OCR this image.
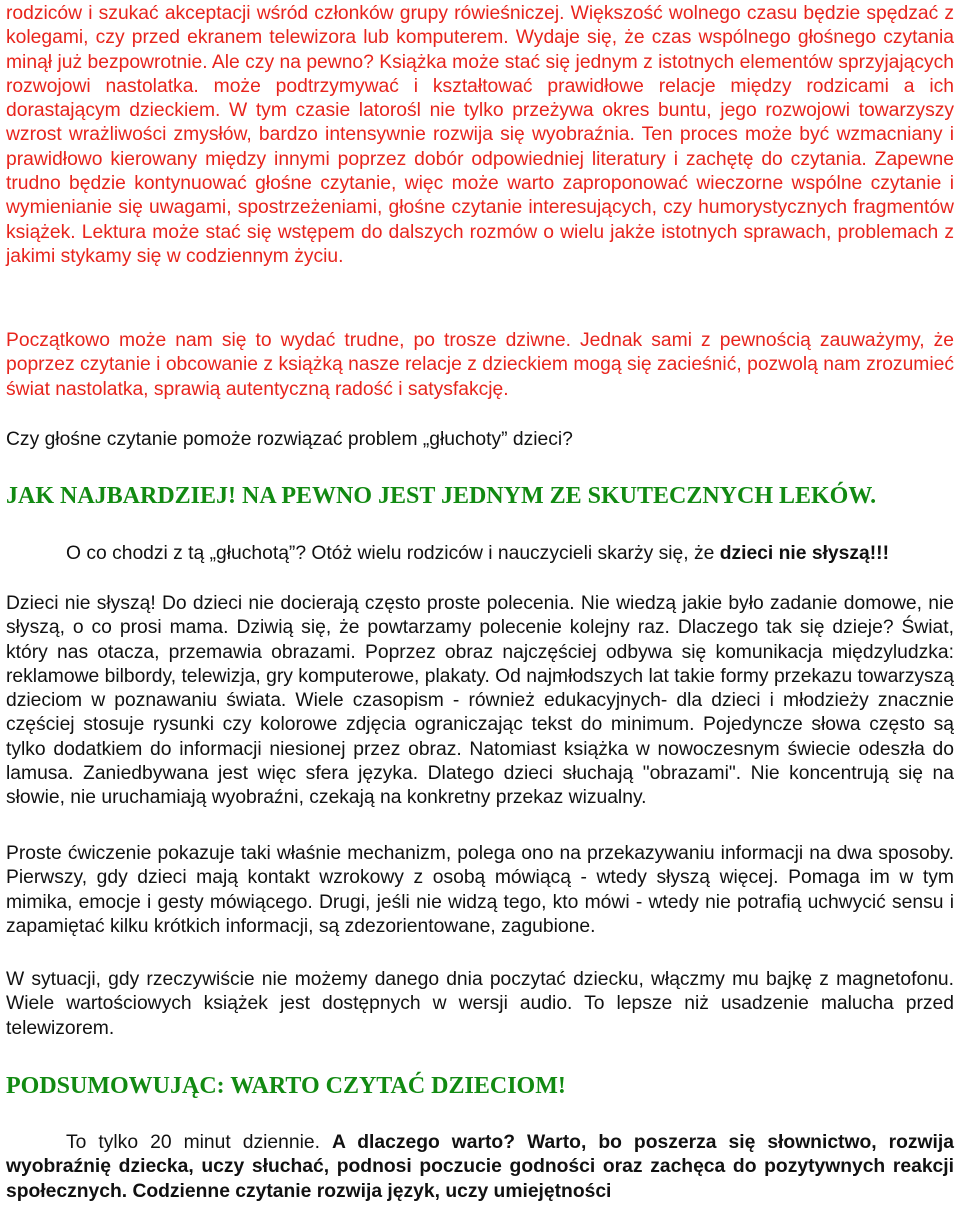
rodziców i szukać akceptacji wśród członków grupy rówieśniczej. Większość wolnego czasu będzie spędzać z kolegami, czy przed ekranem telewizora lub komputerem. Wydaje się, że czas wspólnego głośnego czytania minął już bezpowrotnie. Ale czy na pewno? Książka może stać się jednym z istotnych elementów sprzyjających rozwojowi nastolatka. może podtrzymywać i kształtować prawidłowe relacje między rodzicami a ich dorastającym dzieckiem. W tym czasie latorośl nie tylko przeżywa okres buntu, jego rozwojowi towarzyszy wzrost wrażliwości zmysłów, bardzo intensywnie rozwija się wyobraźnia. Ten proces może być wzmacniany i prawidłowo kierowany między innymi poprzez dobór odpowiedniej literatury i zachętę do czytania. Zapewne trudno będzie kontynuować głośne czytanie, więc może warto zaproponować wieczorne wspólne czytanie i wymienianie się uwagami, spostrzeżeniami, głośne czytanie interesujących, czy humorystycznych fragmentów książek. Lektura może stać się wstępem do dalszych rozmów o wielu jakże istotnych sprawach, problemach z jakimi stykamy się w codziennym życiu.

Początkowo może nam się to wydać trudne, po trosze dziwne. Jednak sami z pewnością zauważymy, że poprzez czytanie i obcowanie z książką nasze relacje z dzieckiem mogą się zacieśnić, pozwolą nam zrozumieć świat nastolatka, sprawią autentyczną radość i satysfakcję.

Czy głośne czytanie pomoże rozwiązać problem „głuchoty” dzieci?

JAK NAJBARDZIEJ! NA PEWNO JEST JEDNYM ZE SKUTECZNYCH LEKÓW.

O co chodzi z tą „głuchotą”? Otóż wielu rodziców i nauczycieli skarży się, że dzieci nie słyszą!!!

Dzieci nie słyszą! Do dzieci nie docierają często proste polecenia. Nie wiedzą jakie było zadanie domowe, nie słyszą, o co prosi mama. Dziwią się, że powtarzamy polecenie kolejny raz. Dlaczego tak się dzieje? Świat, który nas otacza, przemawia obrazami. Poprzez obraz najczęściej odbywa się komunikacja międzyludzka: reklamowe bilbordy, telewizja, gry komputerowe, plakaty. Od najmłodszych lat takie formy przekazu towarzyszą dzieciom w poznawaniu świata. Wiele czasopism - również edukacyjnych- dla dzieci i młodzieży znacznie częściej stosuje rysunki czy kolorowe zdjęcia ograniczając tekst do minimum. Pojedyncze słowa często są tylko dodatkiem do informacji niesionej przez obraz. Natomiast książka w nowoczesnym świecie odeszła do lamusa. Zaniedbywana jest więc sfera języka. Dlatego dzieci słuchają "obrazami". Nie koncentrują się na słowie, nie uruchamiają wyobraźni, czekają na konkretny przekaz wizualny.

Proste ćwiczenie pokazuje taki właśnie mechanizm, polega ono na przekazywaniu informacji na dwa sposoby. Pierwszy, gdy dzieci mają kontakt wzrokowy z osobą mówiącą - wtedy słyszą więcej. Pomaga im w tym mimika, emocje i gesty mówiącego. Drugi, jeśli nie widzą tego, kto mówi - wtedy nie potrafią uchwycić sensu i zapamiętać kilku krótkich informacji, są zdezorientowane, zagubione.

W sytuacji, gdy rzeczywiście nie możemy danego dnia poczytać dziecku, włączmy mu bajkę z magnetofonu. Wiele wartościowych książek jest dostępnych w wersji audio. To lepsze niż usadzenie malucha przed telewizorem.

PODSUMOWUJĄC: WARTO CZYTAĆ DZIECIOM!

To tylko 20 minut dziennie. A dlaczego warto? Warto, bo poszerza się słownictwo, rozwija wyobraźnię dziecka, uczy słuchać, podnosi poczucie godności oraz zachęca do pozytywnych reakcji społecznych. Codzienne czytanie rozwija język, uczy umiejętności
